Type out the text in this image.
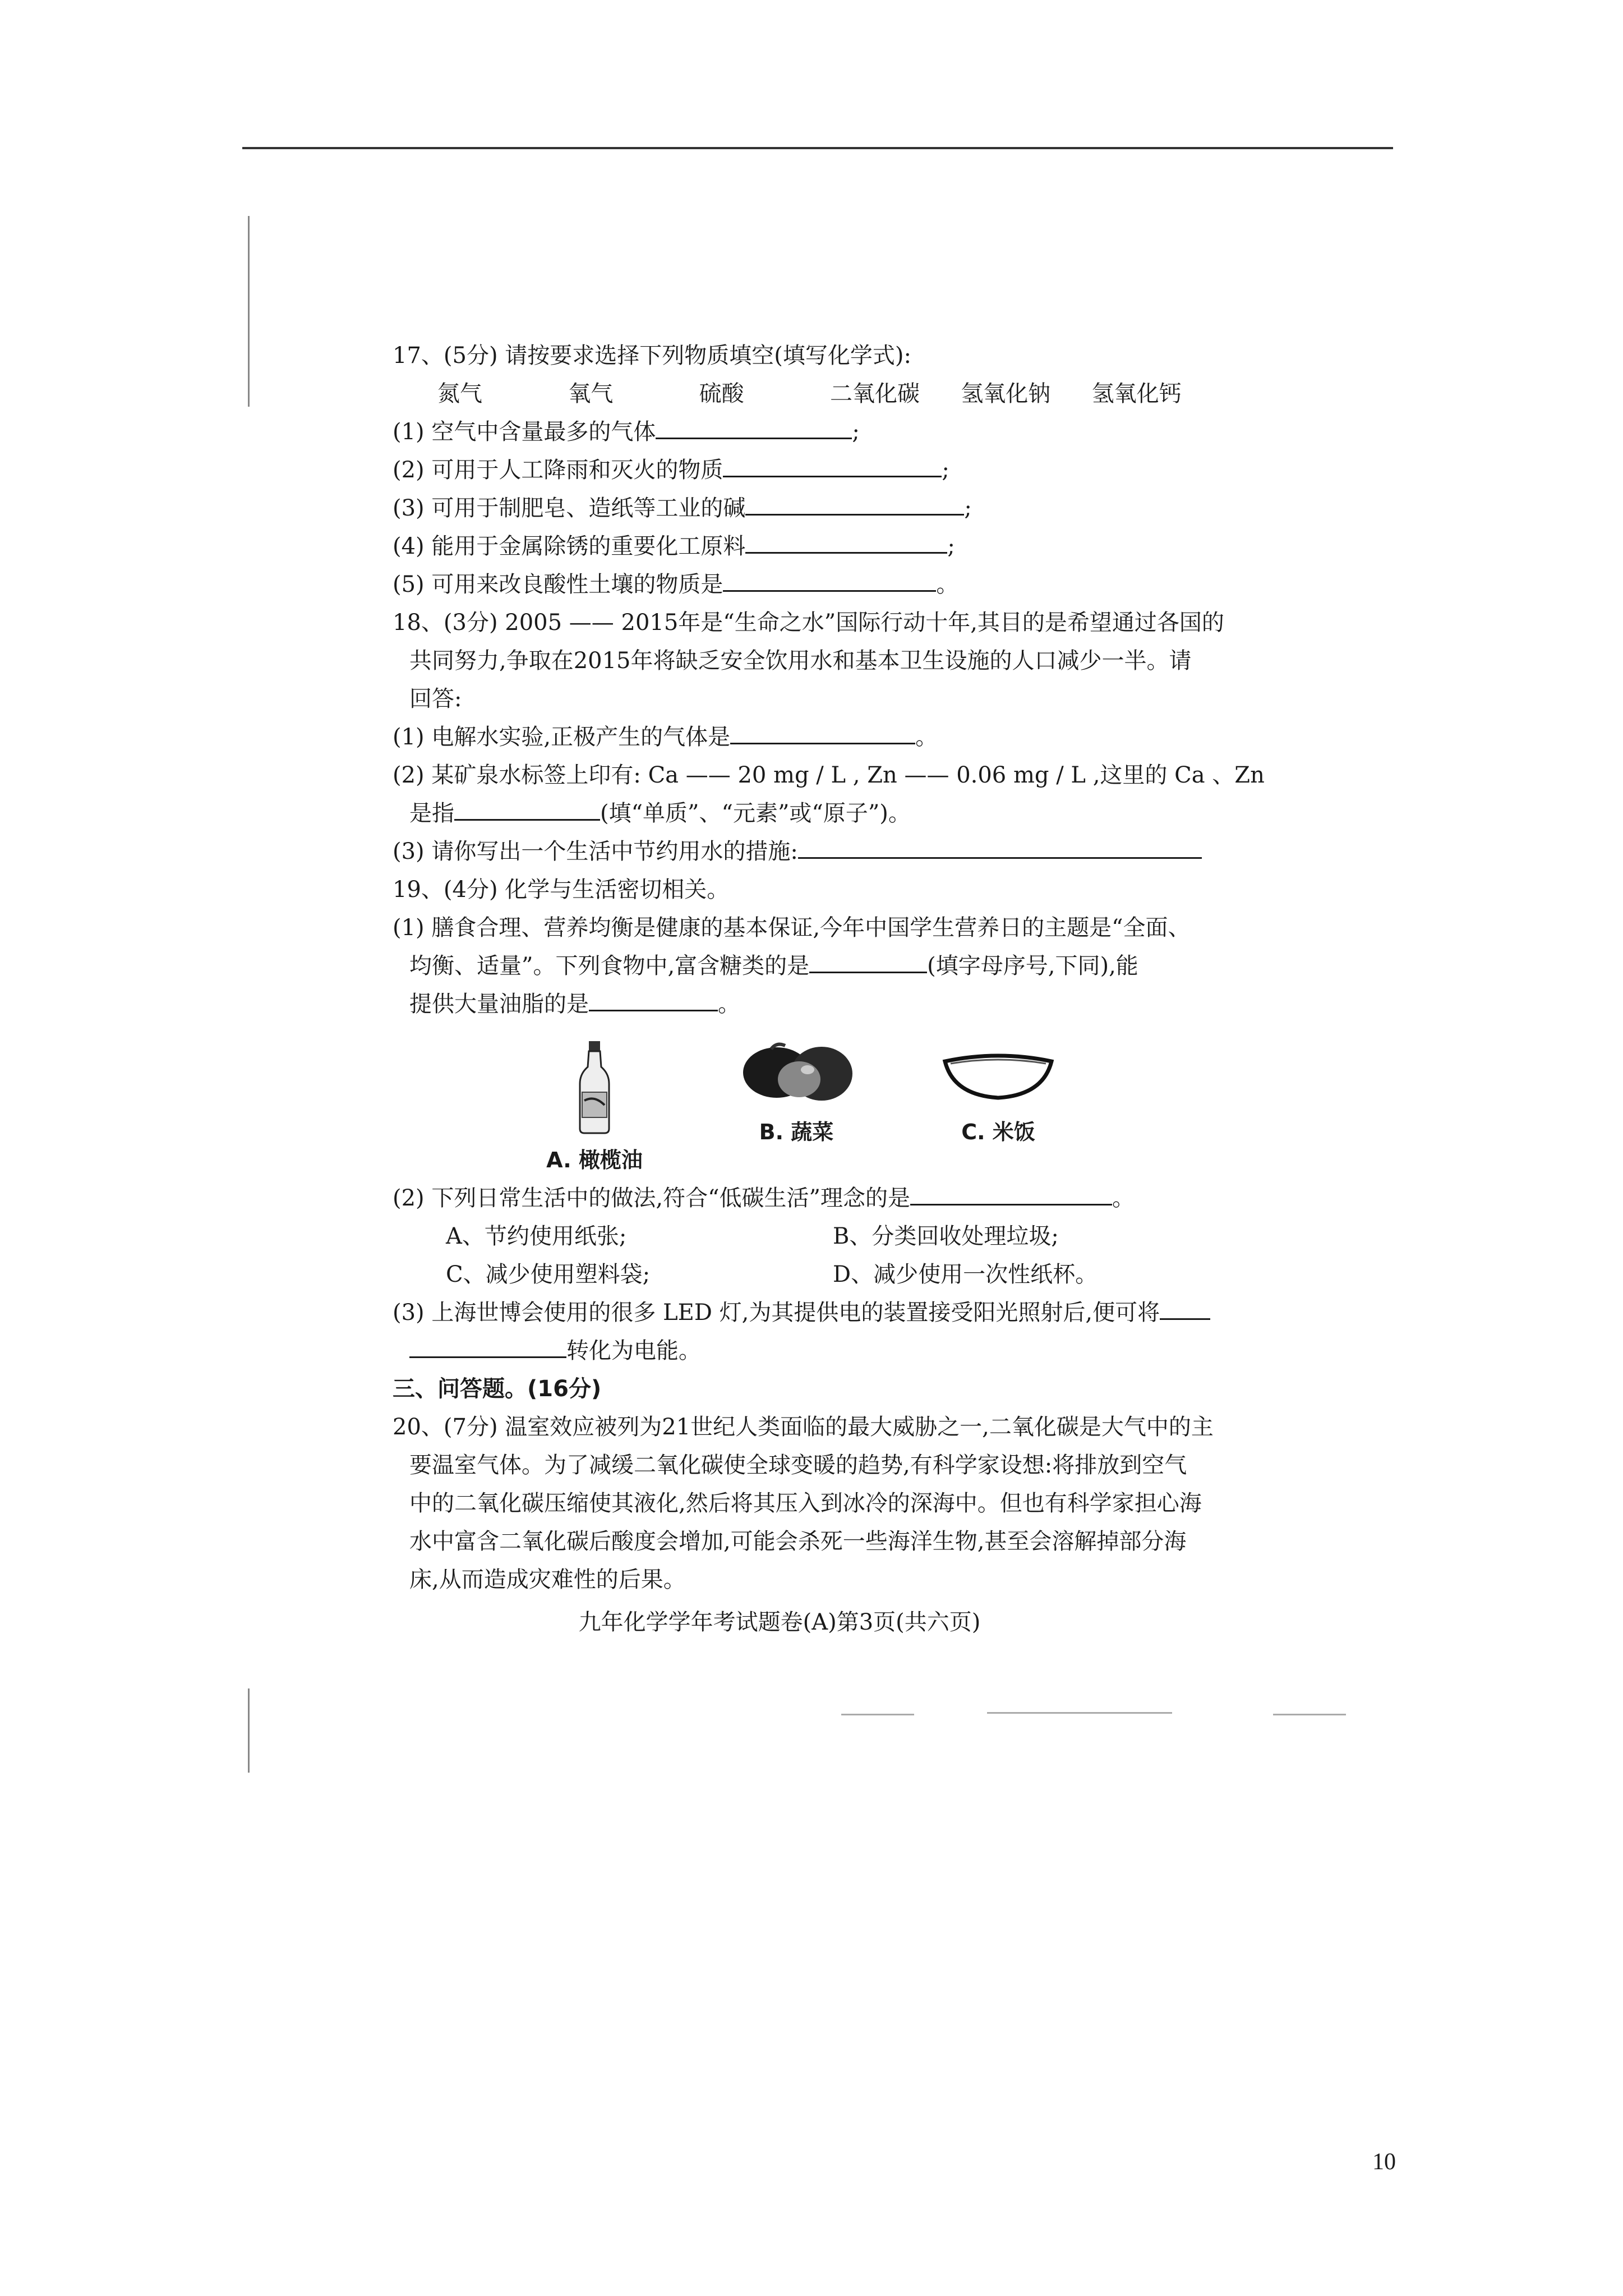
17、(5分) 请按要求选择下列物质填空(填写化学式):
氮气	氧气	硫酸	二氧化碳	氢氧化钠	氢氧化钙
(1) 空气中含量最多的气体	;
(2) 可用于人工降雨和灭火的物质	;
(3) 可用于制肥皂、造纸等工业的碱	;
(4) 能用于金属除锈的重要化工原料	;
(5) 可用来改良酸性土壤的物质是	。
18、(3分) 2005 —— 2015年是“生命之水”国际行动十年,其目的是希望通过各国的
共同努力,争取在2015年将缺乏安全饮用水和基本卫生设施的人口减少一半。请
回答:
(1) 电解水实验,正极产生的气体是	。
(2) 某矿泉水标签上印有: Ca —— 20 mg / L , Zn —— 0.06 mg / L ,这里的 Ca 、Zn
是指	(填“单质”、“元素”或“原子”)。
(3) 请你写出一个生活中节约用水的措施:
19、(4分) 化学与生活密切相关。
(1) 膳食合理、营养均衡是健康的基本保证,今年中国学生营养日的主题是“全面、
均衡、适量”。下列食物中,富含糖类的是	(填字母序号,下同),能
提供大量油脂的是	。
A. 橄榄油
B. 蔬菜	C. 米饭
(2) 下列日常生活中的做法,符合“低碳生活”理念的是	。
A、节约使用纸张;	B、分类回收处理垃圾;
C、减少使用塑料袋;	D、减少使用一次性纸杯。
(3) 上海世博会使用的很多 LED 灯,为其提供电的装置接受阳光照射后,便可将
转化为电能。
三、问答题。(16分)
20、(7分) 温室效应被列为21世纪人类面临的最大威胁之一,二氧化碳是大气中的主
要温室气体。为了减缓二氧化碳使全球变暖的趋势,有科学家设想:将排放到空气
中的二氧化碳压缩使其液化,然后将其压入到冰冷的深海中。但也有科学家担心海
水中富含二氧化碳后酸度会增加,可能会杀死一些海洋生物,甚至会溶解掉部分海
床,从而造成灾难性的后果。
九年化学学年考试题卷(A)第3页(共六页)
10
